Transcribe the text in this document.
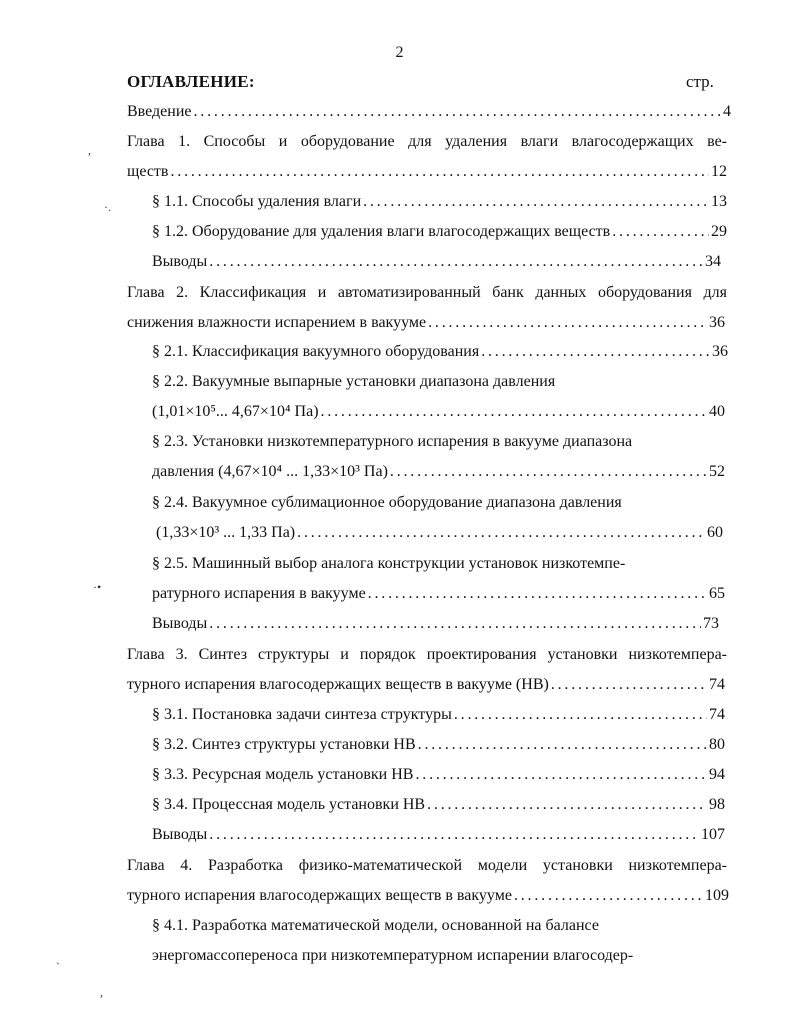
2
ОГЛАВЛЕНИЕ:	стр.
Введение . . .	4
Глава 1. Способы и оборудование для удаления влаги влагосодержащих ве-
ществ . . .	12
§ 1.1. Способы удаления влаги . . .	13
§ 1.2. Оборудование для удаления влаги влагосодержащих веществ . . .	29
Выводы . . .	34
Глава 2. Классификация и автоматизированный банк данных оборудования для
снижения влажности испарением в вакууме . . .	36
§ 2.1. Классификация вакуумного оборудования . . .	36
§ 2.2. Вакуумные выпарные установки диапазона давления
(1,01×10⁵... 4,67×10⁴ Па) . . .	40
§ 2.3. Установки низкотемпературного испарения в вакууме диапазона
давления (4,67×10⁴ ... 1,33×10³ Па) . . .	52
§ 2.4. Вакуумное сублимационное оборудование диапазона давления
(1,33×10³ ... 1,33 Па) . . .	60
§ 2.5. Машинный выбор аналога конструкции установок низкотемпе-
ратурного испарения в вакууме . . .	65
Выводы . . .	73
Глава 3. Синтез структуры и порядок проектирования установки низкотемпера-
турного испарения влагосодержащих веществ в вакууме (НВ) . . .	74
§ 3.1. Постановка задачи синтеза структуры . . .	74
§ 3.2. Синтез структуры установки НВ . . .	80
§ 3.3. Ресурсная модель установки НВ . . .	94
§ 3.4. Процессная модель установки НВ . . .	98
Выводы . . .	107
Глава 4. Разработка физико-математической модели установки низкотемпера-
турного испарения влагосодержащих веществ в вакууме . . .	109
§ 4.1. Разработка математической модели, основанной на балансе
энергомассопереноса при низкотемпературном испарении влагосодер-
,
·.
·•
`
,
